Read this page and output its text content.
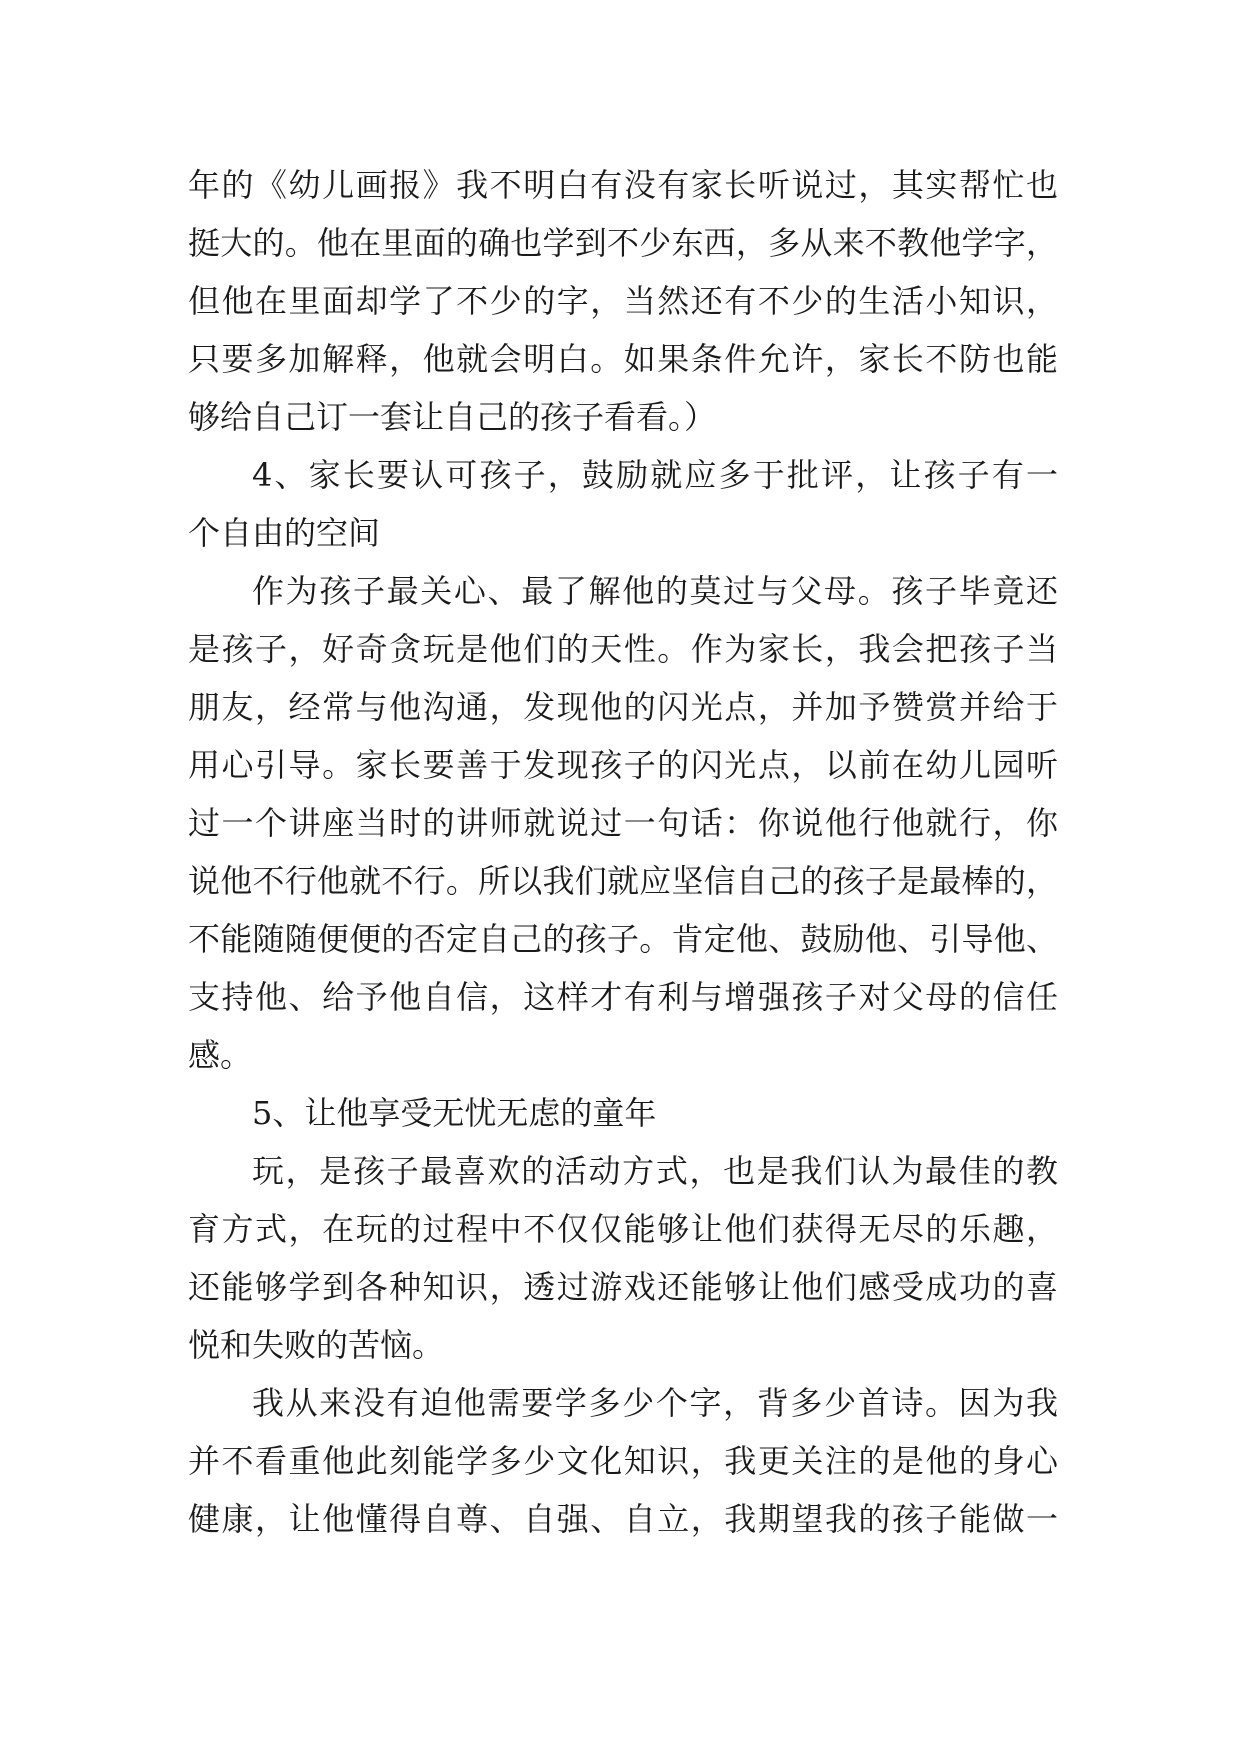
年的《幼儿画报》我不明白有没有家长听说过，其实帮忙也
挺大的。他在里面的确也学到不少东西，多从来不教他学字，
但他在里面却学了不少的字，当然还有不少的生活小知识，
只要多加解释，他就会明白。如果条件允许，家长不防也能
够给自己订一套让自己的孩子看看。）
4、家长要认可孩子，鼓励就应多于批评，让孩子有一
个自由的空间
作为孩子最关心、最了解他的莫过与父母。孩子毕竟还
是孩子，好奇贪玩是他们的天性。作为家长，我会把孩子当
朋友，经常与他沟通，发现他的闪光点，并加予赞赏并给于
用心引导。家长要善于发现孩子的闪光点，以前在幼儿园听
过一个讲座当时的讲师就说过一句话：你说他行他就行，你
说他不行他就不行。所以我们就应坚信自己的孩子是最棒的，
不能随随便便的否定自己的孩子。肯定他、鼓励他、引导他、
支持他、给予他自信，这样才有利与增强孩子对父母的信任
感。
5、让他享受无忧无虑的童年
玩，是孩子最喜欢的活动方式，也是我们认为最佳的教
育方式，在玩的过程中不仅仅能够让他们获得无尽的乐趣，
还能够学到各种知识，透过游戏还能够让他们感受成功的喜
悦和失败的苦恼。
我从来没有迫他需要学多少个字，背多少首诗。因为我
并不看重他此刻能学多少文化知识，我更关注的是他的身心
健康，让他懂得自尊、自强、自立，我期望我的孩子能做一
